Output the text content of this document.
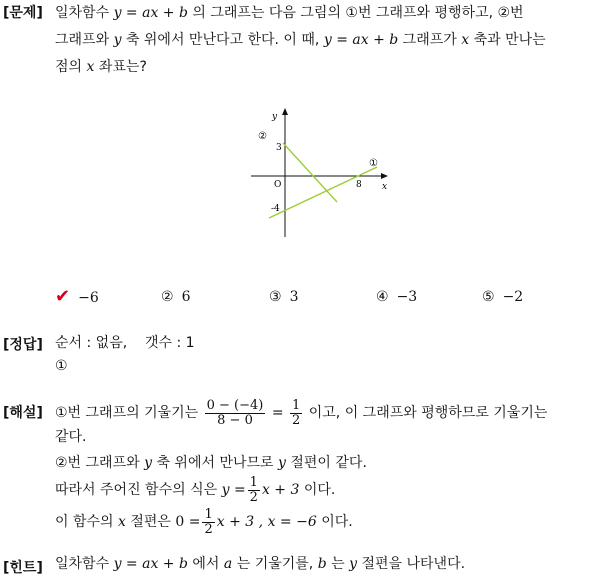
[문제] 일차함수 y = ax + b 의 그래프는 다음 그림의 ①번 그래프와 평행하고, ②번
그래프와 y 축 위에서 만난다고 한다. 이 때, y = ax + b 그래프가 x 축과 만나는
점의 x 좌표는?
y
x
O
3
-4
8
①
②
✔ −6	② 6	③ 3	④ −3	⑤ −2
[정답] 순서 : 없음,    갯수 : 1
①
[해설] ①번 그래프의 기울기는 $\frac{0 - (-4)}{8 - 0} = \frac{1}{2}$ 이고, 이 그래프와 평행하므로 기울기는
같다.
②번 그래프와 y 축 위에서 만나므로 y 절편이 같다.
따라서 주어진 함수의 식은 $y = \frac{1}{2}$ x + 3 이다.
이 함수의 x 절편은 $0 = \frac{1}{2}$ x + 3 , x = −6 이다.
[힌트] 일차함수 y = ax + b 에서 a 는 기울기를, b 는 y 절편을 나타낸다.
